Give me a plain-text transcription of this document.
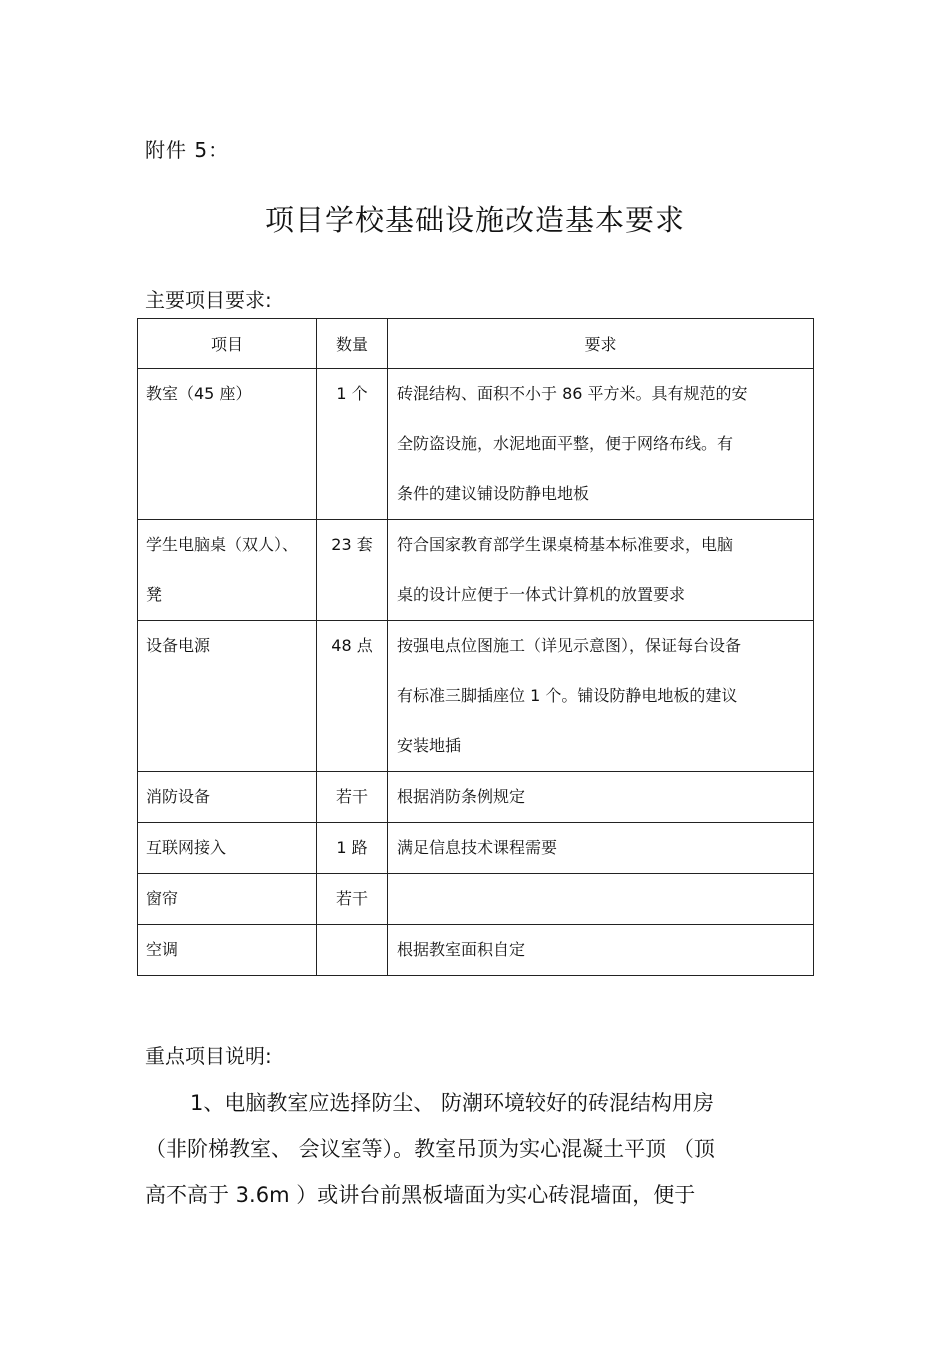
附件 5：
项目学校基础设施改造基本要求
主要项目要求:
项目	数量	要求

教室（45 座）	1 个	砖混结构、面积不小于 86 平方米。具有规范的安
全防盗设施，水泥地面平整，便于网络布线。有
条件的建议铺设防静电地板

学生电脑桌（双人）、凳	23 套	符合国家教育部学生课桌椅基本标准要求，电脑
桌的设计应便于一体式计算机的放置要求

设备电源	48 点	按强电点位图施工（详见示意图），保证每台设备
有标准三脚插座位 1 个。铺设防静电地板的建议
安装地插

消防设备	若干	根据消防条例规定

互联网接入	1 路	满足信息技术课程需要

窗帘	若干	

空调		根据教室面积自定
重点项目说明:
1、电脑教室应选择防尘、 防潮环境较好的砖混结构用房
（非阶梯教室、 会议室等）。教室吊顶为实心混凝土平顶 （顶
高不高于 3.6m ）或讲台前黑板墙面为实心砖混墙面，便于
